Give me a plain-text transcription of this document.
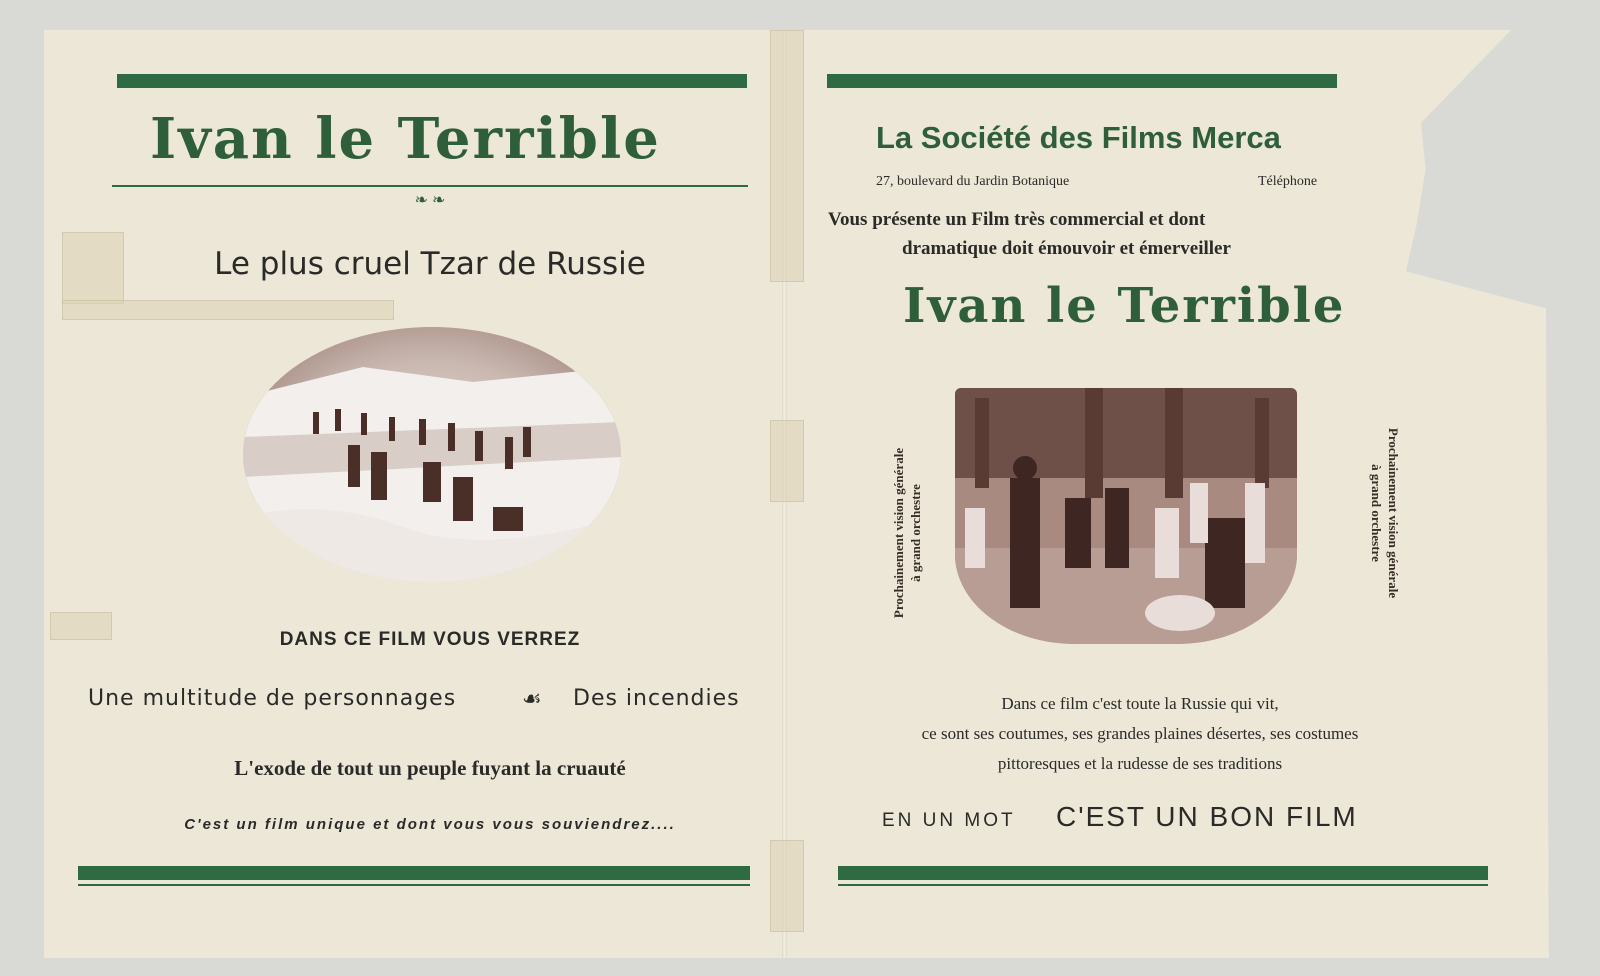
Ivan le Terrible
❧ ❧
Le plus cruel Tzar de Russie
DANS CE FILM VOUS VERREZ
Une multitude de personnages	☙ Des incendies
L'exode de tout un peuple fuyant la cruauté
C'est un film unique et dont vous vous souviendrez....
La Société des Films Merca
27, boulevard du Jardin Botanique	Téléphone
Vous présente un Film très commercial et dont
dramatique doit émouvoir et émerveiller
Ivan le Terrible
Prochainement vision générale à grand orchestre	Prochainement vision générale
à grand orchestre
Dans ce film c'est toute la Russie qui vit,
ce sont ses coutumes, ses grandes plaines désertes, ses costumes
pittoresques et la rudesse de ses traditions
EN UN MOT C'EST UN BON FILM
